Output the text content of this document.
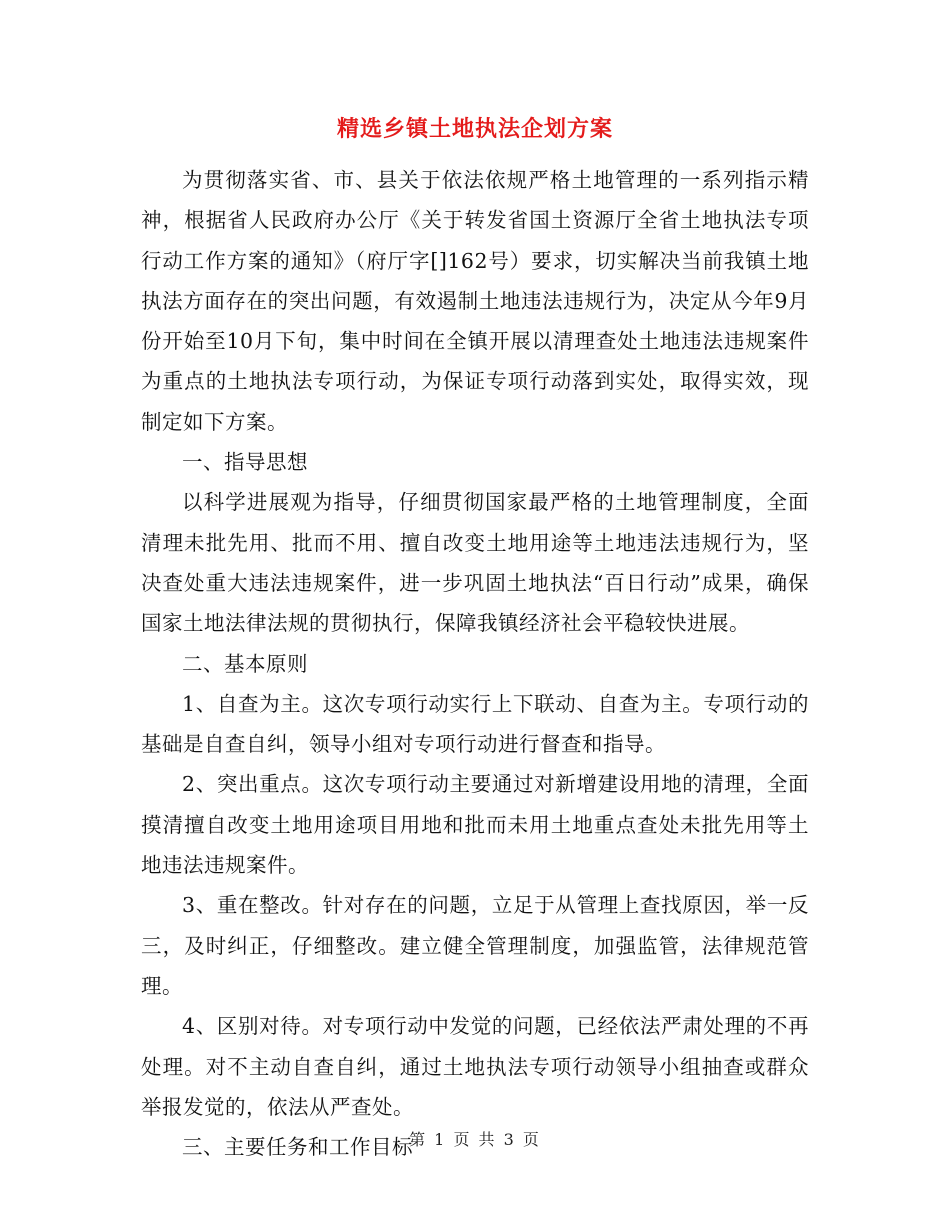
精选乡镇土地执法企划方案

为贯彻落实省、市、县关于依法依规严格土地管理的一系列指示精神，根据省人民政府办公厅《关于转发省国土资源厅全省土地执法专项行动工作方案的通知》（府厅字[]162号）要求，切实解决当前我镇土地执法方面存在的突出问题，有效遏制土地违法违规行为，决定从今年9月份开始至10月下旬，集中时间在全镇开展以清理查处土地违法违规案件为重点的土地执法专项行动，为保证专项行动落到实处，取得实效，现制定如下方案。

一、指导思想

以科学进展观为指导，仔细贯彻国家最严格的土地管理制度，全面清理未批先用、批而不用、擅自改变土地用途等土地违法违规行为，坚决查处重大违法违规案件，进一步巩固土地执法“百日行动”成果，确保国家土地法律法规的贯彻执行，保障我镇经济社会平稳较快进展。

二、基本原则

1、自查为主。这次专项行动实行上下联动、自查为主。专项行动的基础是自查自纠，领导小组对专项行动进行督查和指导。

2、突出重点。这次专项行动主要通过对新增建设用地的清理，全面摸清擅自改变土地用途项目用地和批而未用土地重点查处未批先用等土地违法违规案件。

3、重在整改。针对存在的问题，立足于从管理上查找原因，举一反三，及时纠正，仔细整改。建立健全管理制度，加强监管，法律规范管理。

4、区别对待。对专项行动中发觉的问题，已经依法严肃处理的不再处理。对不主动自查自纠，通过土地执法专项行动领导小组抽查或群众举报发觉的，依法从严查处。

三、主要任务和工作目标

第 1 页 共 3 页
